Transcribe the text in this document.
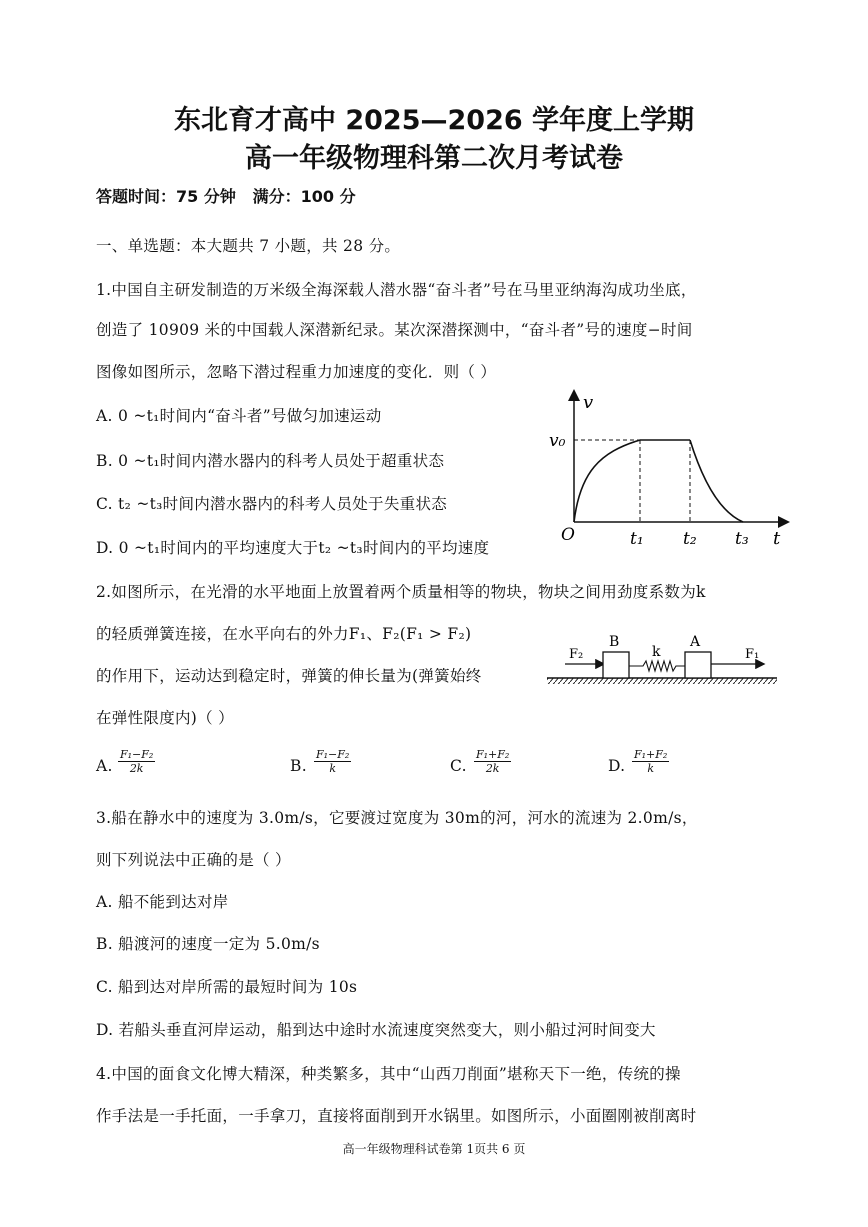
东北育才高中 2025—2026 学年度上学期
高一年级物理科第二次月考试卷
答题时间：75 分钟 满分：100 分
一、单选题：本大题共 7 小题，共 28 分。
1.中国自主研发制造的万米级全海深载人潜水器“奋斗者”号在马里亚纳海沟成功坐底，
创造了 10909 米的中国载人深潜新纪录。某次深潜探测中，“奋斗者”号的速度−时间
图像如图所示，忽略下潜过程重力加速度的变化．则（ ）
A. 0 ~t₁时间内“奋斗者”号做匀加速运动
B. 0 ~t₁时间内潜水器内的科考人员处于超重状态
C. t₂ ~t₃时间内潜水器内的科考人员处于失重状态
D. 0 ~t₁时间内的平均速度大于t₂ ~t₃时间内的平均速度
v
v₀
O	t₁ t₂ t₃ t
2.如图所示，在光滑的水平地面上放置着两个质量相等的物块，物块之间用劲度系数为k
的轻质弹簧连接，在水平向右的外力F₁、F₂(F₁ > F₂)
的作用下，运动达到稳定时，弹簧的伸长量为(弹簧始终
在弹性限度内)（ ）
F₂
B
k
A
F₁
A. $\frac{\text{F₁−F₂}}{2k}$	B. $\frac{\text{F₁−F₂}}{k}$	C. $\frac{\text{F₁+F₂}}{2k}$	D. $\frac{\text{F₁+F₂}}{k}$
3.船在静水中的速度为 3.0m/s，它要渡过宽度为 30m的河，河水的流速为 2.0m/s，
则下列说法中正确的是（ ）
A. 船不能到达对岸
B. 船渡河的速度一定为 5.0m/s
C. 船到达对岸所需的最短时间为 10s
D. 若船头垂直河岸运动，船到达中途时水流速度突然变大，则小船过河时间变大
4.中国的面食文化博大精深，种类繁多，其中“山西刀削面”堪称天下一绝，传统的操
作手法是一手托面，一手拿刀，直接将面削到开水锅里。如图所示，小面圈刚被削离时
高一年级物理科试卷第 1页共 6 页
